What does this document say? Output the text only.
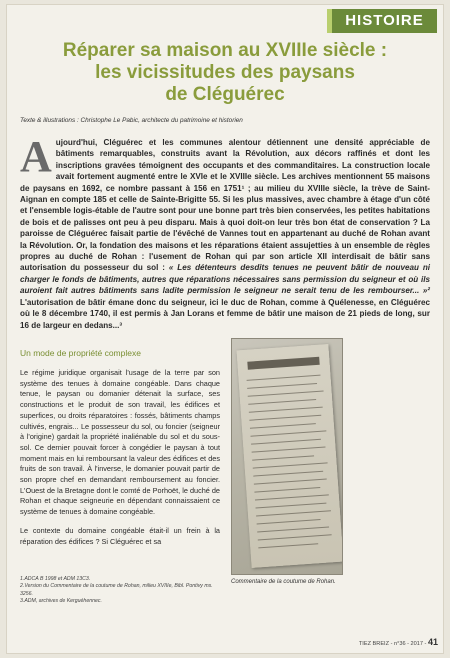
HISTOIRE
Réparer sa maison au XVIIIe siècle :
les vicissitudes des paysans
de Cléguérec
Texte & illustrations : Christophe Le Pabic, architecte du patrimoine et historien
A ujourd'hui, Cléguérec et les communes alentour détiennent une densité appréciable de bâtiments remarquables, construits avant la Révolution, aux décors raffinés et dont les inscriptions gravées témoignent des occupants et des commanditaires. La construction locale avait fortement augmenté entre le XVIe et le XVIIIe siècle. Les archives mentionnent 55 maisons de paysans en 1692, ce nombre passant à 156 en 1751¹ ; au milieu du XVIIIe siècle, la trève de Saint-Aignan en compte 185 et celle de Sainte-Brigitte 55. Si les plus massives, avec chambre à étage d'un côté et l'ensemble logis-étable de l'autre sont pour une bonne part très bien conservées, les petites habitations de bois et de palisses ont peu à peu disparu. Mais à quoi doit-on leur très bon état de conservation ? La paroisse de Cléguérec faisait partie de l'évêché de Vannes tout en appartenant au duché de Rohan avant la Révolution. Or, la fondation des maisons et les réparations étaient assujetties à un ensemble de règles propres au duché de Rohan : l'usement de Rohan qui par son article XII interdisait de bâtir sans autorisation du possesseur du sol : « Les détenteurs desdits tenues ne peuvent bâtir de nouveau ni charger le fonds de bâtiments, autres que réparations nécessaires sans permission du seigneur et où ils auroient fait autres bâtiments sans ladite permission le seigneur ne serait tenu de les rembourser... »² L'autorisation de bâtir émane donc du seigneur, ici le duc de Rohan, comme à Quélenesse, en Cléguérec où le 8 décembre 1740, il est permis à Jan Lorans et femme de bâtir une maison de 21 pieds de long, sur 16 de largeur en dedans...³
Un mode de propriété complexe

Le régime juridique organisait l'usage de la terre par son système des tenues à domaine congéable. Dans chaque tenue, le paysan ou domanier détenait la surface, ses constructions et le produit de son travail, les édifices et superfices, ou droits réparatoires : fossés, bâtiments champs cultivés, engrais... Le possesseur du sol, ou foncier (seigneur à l'origine) gardait la propriété inaliénable du sol et du sous-sol. Ce dernier pouvait forcer à congédier le paysan à tout moment mais en lui remboursant la valeur des édifices et des fruits de son travail. À l'inverse, le domanier pouvait partir de son propre chef en demandant remboursement au foncier. L'Ouest de la Bretagne dont le comté de Porhoët, le duché de Rohan et chaque seigneurie en dépendant connaissaient ce système de tenues à domaine congéable.

Le contexte du domaine congéable était-il un frein à la réparation des édifices ? Si Cléguérec et sa

1.ADCA B 1998 et ADM 13C3.
2.Version du Commentaire de la coutume de Rohan, milieu XVIIIe, Bibl. Pontivy ms. 3256.
3.ADM, archives de Kerguéhennec.
Commentaire de la coutume de Rohan.
TIEZ BREIZ - n°36 - 2017 - 41
